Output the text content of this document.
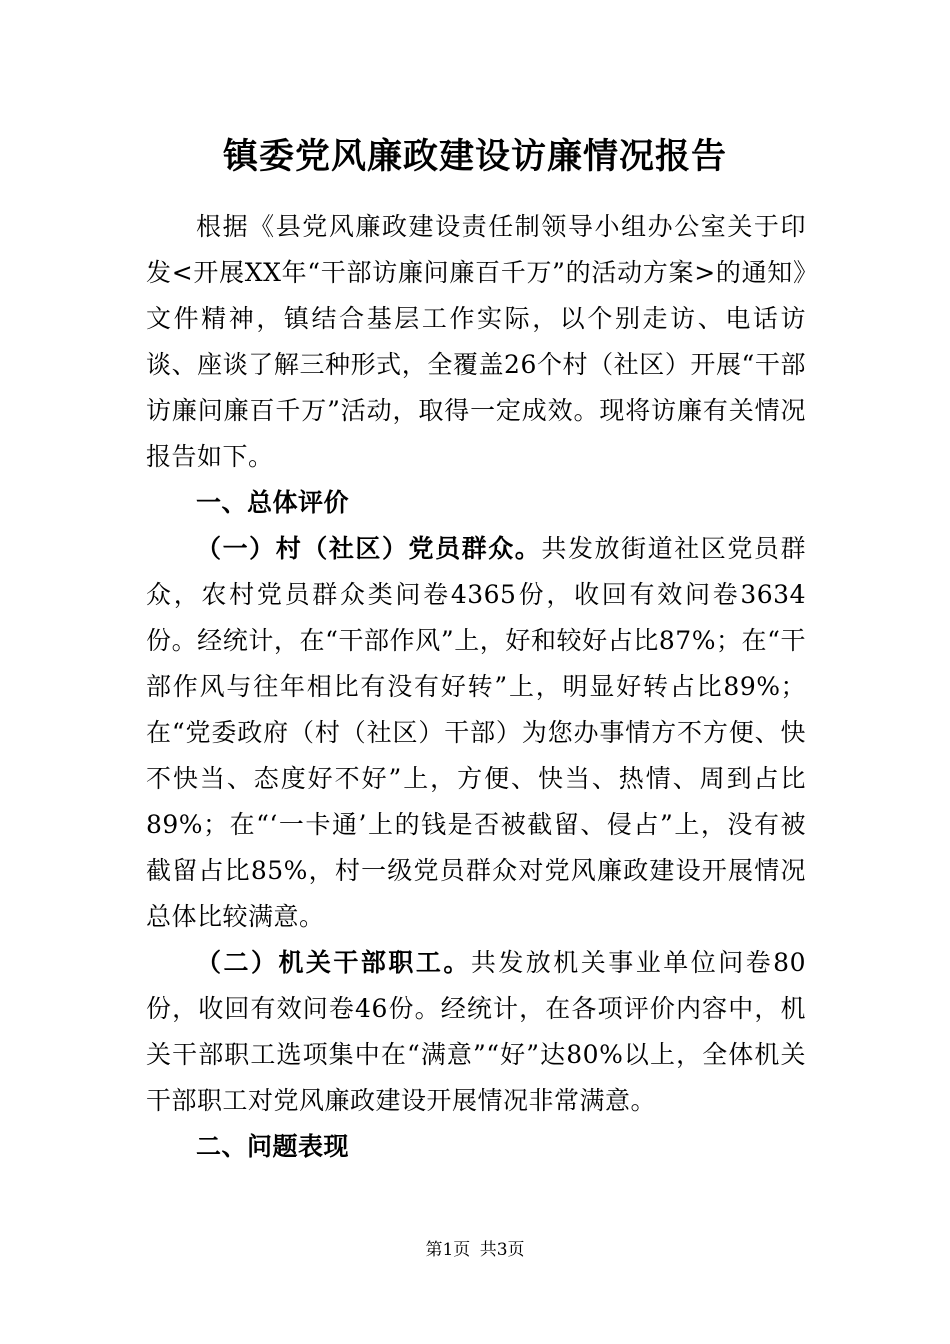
镇委党风廉政建设访廉情况报告

根据《县党风廉政建设责任制领导小组办公室关于印发<开展XX年“干部访廉问廉百千万”的活动方案>的通知》文件精神，镇结合基层工作实际，以个别走访、电话访谈、座谈了解三种形式，全覆盖26个村（社区）开展“干部访廉问廉百千万”活动，取得一定成效。现将访廉有关情况报告如下。

一、总体评价

（一）村（社区）党员群众。共发放街道社区党员群众，农村党员群众类问卷4365份，收回有效问卷3634份。经统计，在“干部作风”上，好和较好占比87%；在“干部作风与往年相比有没有好转”上，明显好转占比89%；在“党委政府（村（社区）干部）为您办事情方不方便、快不快当、态度好不好”上，方便、快当、热情、周到占比89%；在“‘一卡通’上的钱是否被截留、侵占”上，没有被截留占比85%，村一级党员群众对党风廉政建设开展情况总体比较满意。

（二）机关干部职工。共发放机关事业单位问卷80份，收回有效问卷46份。经统计，在各项评价内容中，机关干部职工选项集中在“满意”“好”达80%以上，全体机关干部职工对党风廉政建设开展情况非常满意。

二、问题表现

第1页 共3页
